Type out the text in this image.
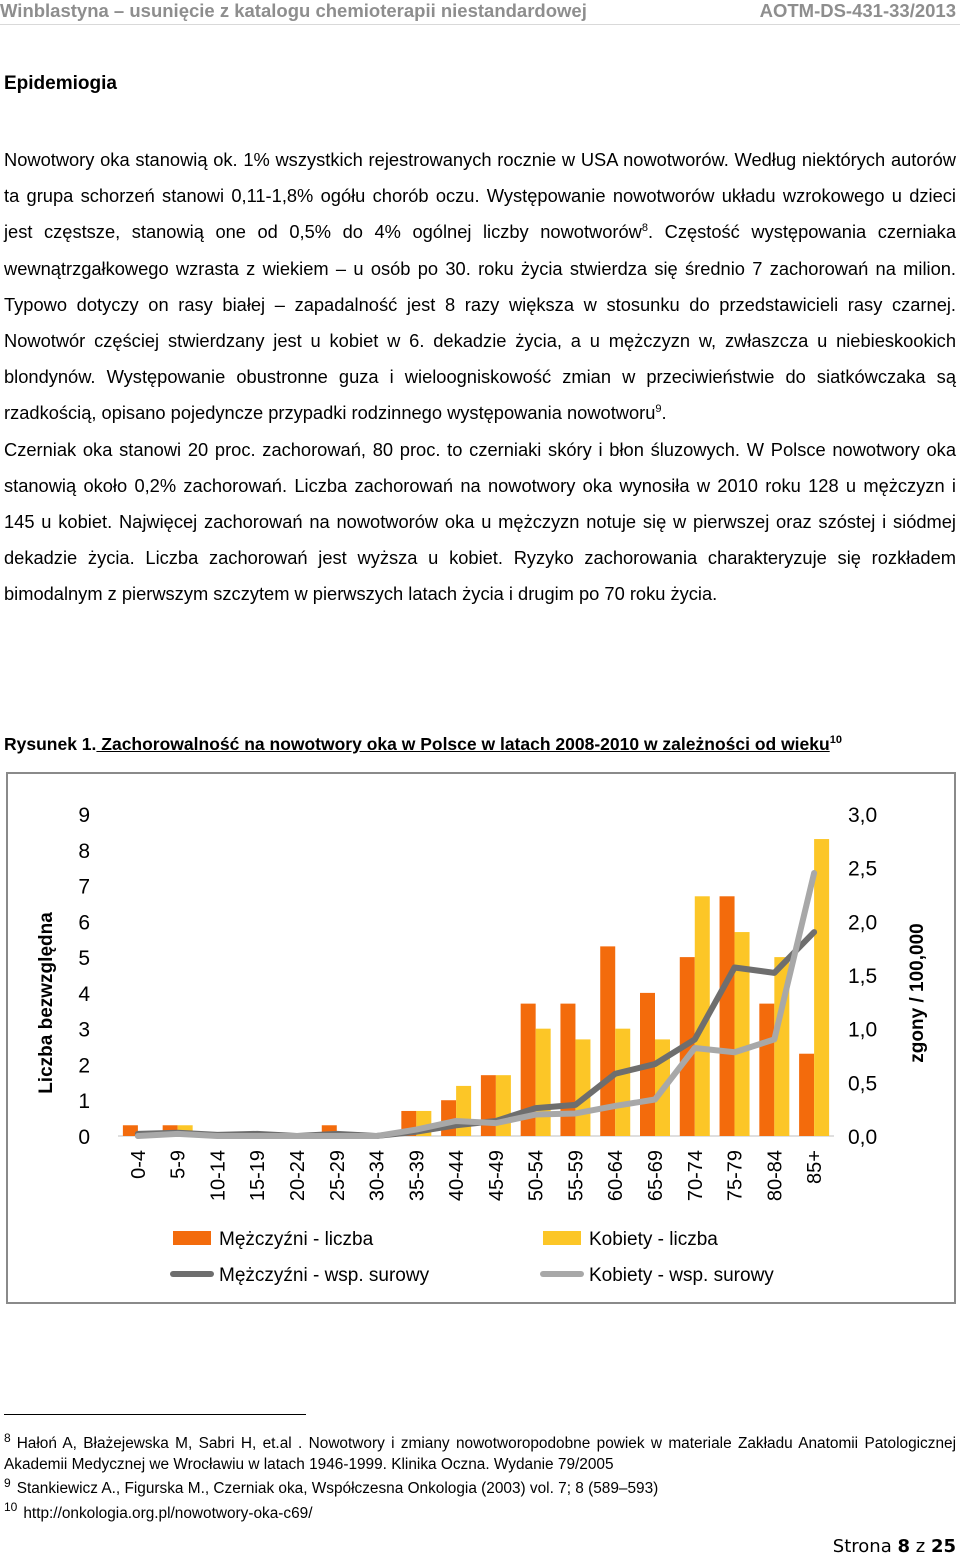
Winblastyna – usunięcie z katalogu chemioterapii niestandardowej	AOTM-DS-431-33/2013
Epidemiogia

Nowotwory oka stanowią ok. 1% wszystkich rejestrowanych rocznie w USA nowotworów. Według niektórych autorów ta grupa schorzeń stanowi 0,11-1,8% ogółu chorób oczu. Występowanie nowotworów układu wzrokowego u dzieci jest częstsze, stanowią one od 0,5% do 4% ogólnej liczby nowotworów$^8$. Częstość występowania czerniaka wewnątrzgałkowego wzrasta z wiekiem – u osób po 30. roku życia stwierdza się średnio 7 zachorowań na milion. Typowo dotyczy on rasy białej – zapadalność jest 8 razy większa w stosunku do przedstawicieli rasy czarnej. Nowotwór częściej stwierdzany jest u kobiet w 6. dekadzie życia, a u mężczyzn w, zwłaszcza u niebieskookich blondynów. Występowanie obustronne guza i wieloogniskowość zmian w przeciwieństwie do siatkówczaka są rzadkością, opisano pojedyncze przypadki rodzinnego występowania nowotworu$^9$.

Czerniak oka stanowi 20 proc. zachorowań, 80 proc. to czerniaki skóry i błon śluzowych. W Polsce nowotwory oka stanowią około 0,2% zachorowań. Liczba zachorowań na nowotwory oka wynosiła w 2010 roku 128 u mężczyzn i 145 u kobiet. Najwięcej zachorowań na nowotworów oka u mężczyzn notuje się w pierwszej oraz szóstej i siódmej dekadzie życia. Liczba zachorowań jest wyższa u kobiet. Ryzyko zachorowania charakteryzuje się rozkładem bimodalnym z pierwszym szczytem w pierwszych latach życia i drugim po 70 roku życia.

Rysunek 1. Zachorowalność na nowotwory oka w Polsce w latach 2008-2010 w zależności od wieku$^{10}$
0
1
2
3
4
5
6
7
8
9
0,0
0,5
1,0
1,5
2,0
2,5
3,0
0-4 5-9 10-14 15-19 20-24 25-29 30-34 35-39 40-44 45-49 50-54 55-59 60-64 65-69 70-74 75-79 80-84 85+
Liczba bezwzględna	zgony / 100,000
Mężczyźni - liczba	Kobiety - liczba
Mężczyźni - wsp. surowy	Kobiety - wsp. surowy

$^8$ Hałoń A, Błażejewska M, Sabri H, et.al . Nowotwory i zmiany nowotworopodobne powiek w materiale Zakładu Anatomii Patologicznej Akademii Medycznej we Wrocławiu w latach 1946-1999. Klinika Oczna. Wydanie 79/2005

$^9$ Stankiewicz A., Figurska M., Czerniak oka, Współczesna Onkologia (2003) vol. 7; 8 (589–593)

$^{10}$ http://onkologia.org.pl/nowotwory-oka-c69/

Strona 8 z 25
